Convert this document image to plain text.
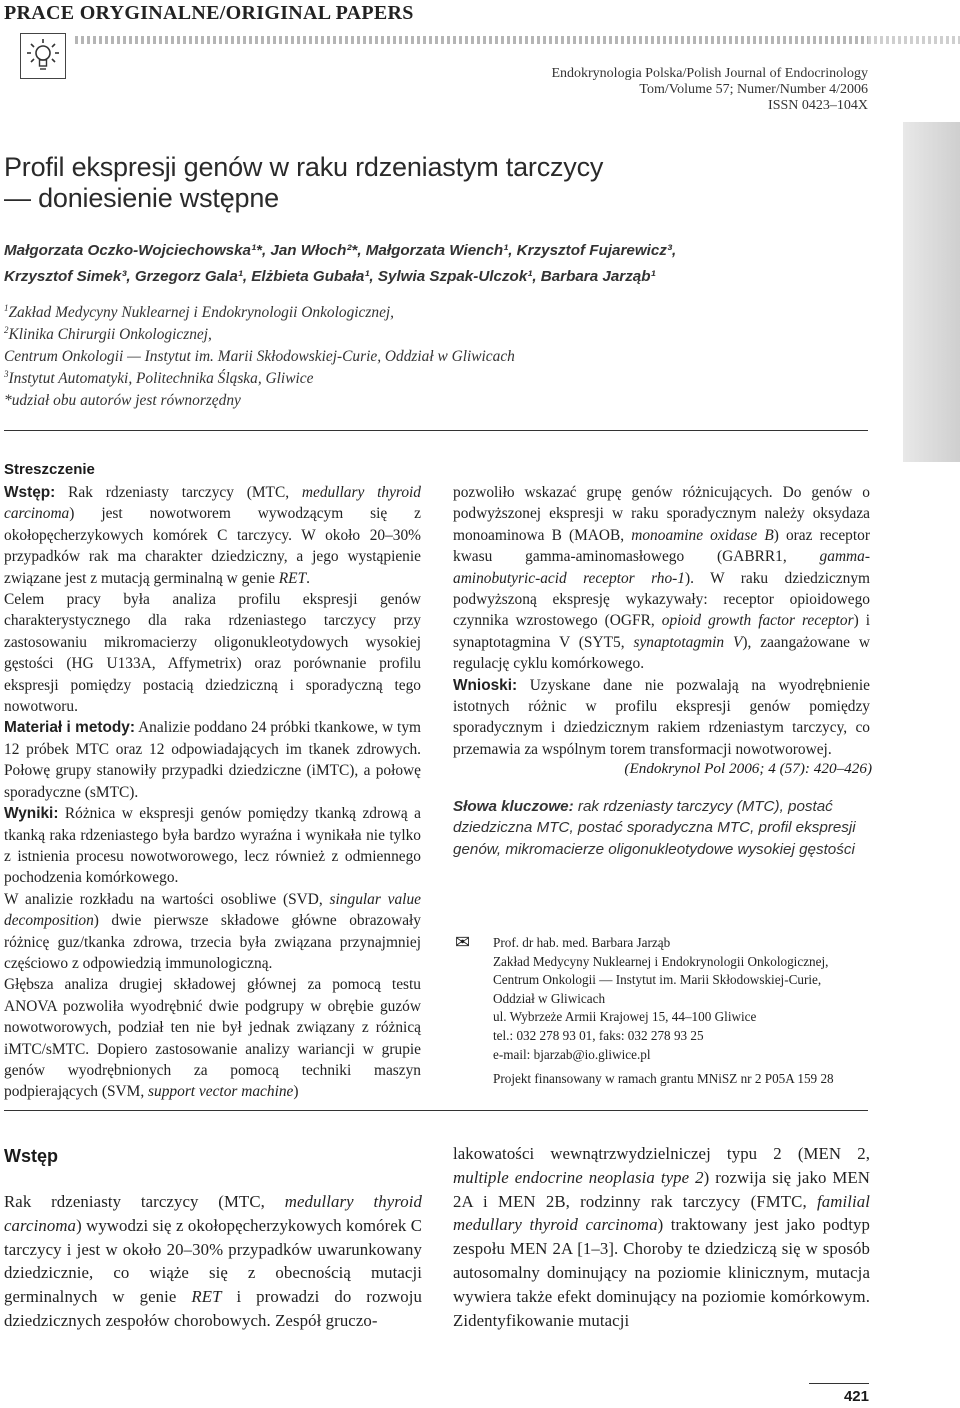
PRACE ORYGINALNE/ORIGINAL PAPERS
Endokrynologia Polska/Polish Journal of Endocrinology
Tom/Volume 57; Numer/Number 4/2006
ISSN 0423–104X
Profil ekspresji genów w raku rdzeniastym tarczycy
— doniesienie wstępne
Małgorzata Oczko-Wojciechowska¹*, Jan Włoch²*, Małgorzata Wiench¹, Krzysztof Fujarewicz³,
Krzysztof Simek³, Grzegorz Gala¹, Elżbieta Gubała¹, Sylwia Szpak-Ulczok¹, Barbara Jarząb¹
$^1$Zakład Medycyny Nuklearnej i Endokrynologii Onkologicznej,
$^2$Klinika Chirurgii Onkologicznej,
Centrum Onkologii — Instytut im. Marii Skłodowskiej-Curie, Oddział w Gliwicach
$^3$Instytut Automatyki, Politechnika Śląska, Gliwice
*udział obu autorów jest równorzędny
Streszczenie

Wstęp: Rak rdzeniasty tarczycy (MTC, medullary thyroid carcinoma) jest nowotworem wywodzącym się z okołopęcherzykowych komórek C tarczycy. W około 20–30% przypadków rak ma charakter dziedziczny, a jego wystąpienie związane jest z mutacją germinalną w genie RET.

Celem pracy była analiza profilu ekspresji genów charakterystycznego dla raka rdzeniastego tarczycy przy zastosowaniu mikromacierzy oligonukleotydowych wysokiej gęstości (HG U133A, Affymetrix) oraz porównanie profilu ekspresji pomiędzy postacią dziedziczną i sporadyczną tego nowotworu.

Materiał i metody: Analizie poddano 24 próbki tkankowe, w tym 12 próbek MTC oraz 12 odpowiadających im tkanek zdrowych. Połowę grupy stanowiły przypadki dziedziczne (iMTC), a połowę sporadyczne (sMTC).

Wyniki: Różnica w ekspresji genów pomiędzy tkanką zdrową a tkanką raka rdzeniastego była bardzo wyraźna i wynikała nie tylko z istnienia procesu nowotworowego, lecz również z odmiennego pochodzenia komórkowego.

W analizie rozkładu na wartości osobliwe (SVD, singular value decomposition) dwie pierwsze składowe główne obrazowały różnicę guz/tkanka zdrowa, trzecia była związana przynajmniej częściowo z odpowiedzią immunologiczną.

Głębsza analiza drugiej składowej głównej za pomocą testu ANOVA pozwoliła wyodrębnić dwie podgrupy w obrębie guzów nowotworowych, podział ten nie był jednak związany z różnicą iMTC/sMTC. Dopiero zastosowanie analizy wariancji w grupie genów wyodrębnionych za pomocą techniki maszyn podpierających (SVM, support vector machine)

pozwoliło wskazać grupę genów różnicujących. Do genów o podwyższonej ekspresji w raku sporadycznym należy oksydaza monoaminowa B (MAOB, monoamine oxidase B) oraz receptor kwasu gamma-aminomasłowego (GABRR1, gamma-aminobutyric-acid receptor rho-1). W raku dziedzicznym podwyższoną ekspresję wykazywały: receptor opioidowego czynnika wzrostowego (OGFR, opioid growth factor receptor) i synaptotagmina V (SYT5, synaptotagmin V), zaangażowane w regulację cyklu komórkowego.

Wnioski: Uzyskane dane nie pozwalają na wyodrębnienie istotnych różnic w profilu ekspresji genów pomiędzy sporadycznym i dziedzicznym rakiem rdzeniastym tarczycy, co przemawia za wspólnym torem transformacji nowotworowej.

(Endokrynol Pol 2006; 4 (57): 420–426)
Słowa kluczowe: rak rdzeniasty tarczycy (MTC), postać dziedziczna MTC, postać sporadyczna MTC, profil ekspresji genów, mikromacierze oligonukleotydowe wysokiej gęstości
✉ Prof. dr hab. med. Barbara Jarząb
Zakład Medycyny Nuklearnej i Endokrynologii Onkologicznej,
Centrum Onkologii — Instytut im. Marii Skłodowskiej-Curie,
Oddział w Gliwicach
ul. Wybrzeże Armii Krajowej 15, 44–100 Gliwice
tel.: 032 278 93 01, faks: 032 278 93 25
e-mail: bjarzab@io.gliwice.pl
Projekt finansowany w ramach grantu MNiSZ nr 2 P05A 159 28
Wstęp
Rak rdzeniasty tarczycy (MTC, medullary thyroid carcinoma) wywodzi się z okołopęcherzykowych komórek C tarczycy i jest w około 20–30% przypadków uwarunkowany dziedzicznie, co wiąże się z obecnością mutacji germinalnych w genie RET i prowadzi do rozwoju dziedzicznych zespołów chorobowych. Zespół gruczo-
lakowatości wewnątrzwydzielniczej typu 2 (MEN 2, multiple endocrine neoplasia type 2) rozwija się jako MEN 2A i MEN 2B, rodzinny rak tarczycy (FMTC, familial medullary thyroid carcinoma) traktowany jest jako podtyp zespołu MEN 2A [1–3]. Choroby te dziedziczą się w sposób autosomalny dominujący na poziomie klinicznym, mutacja wywiera także efekt dominujący na poziomie komórkowym. Zidentyfikowanie mutacji
421
